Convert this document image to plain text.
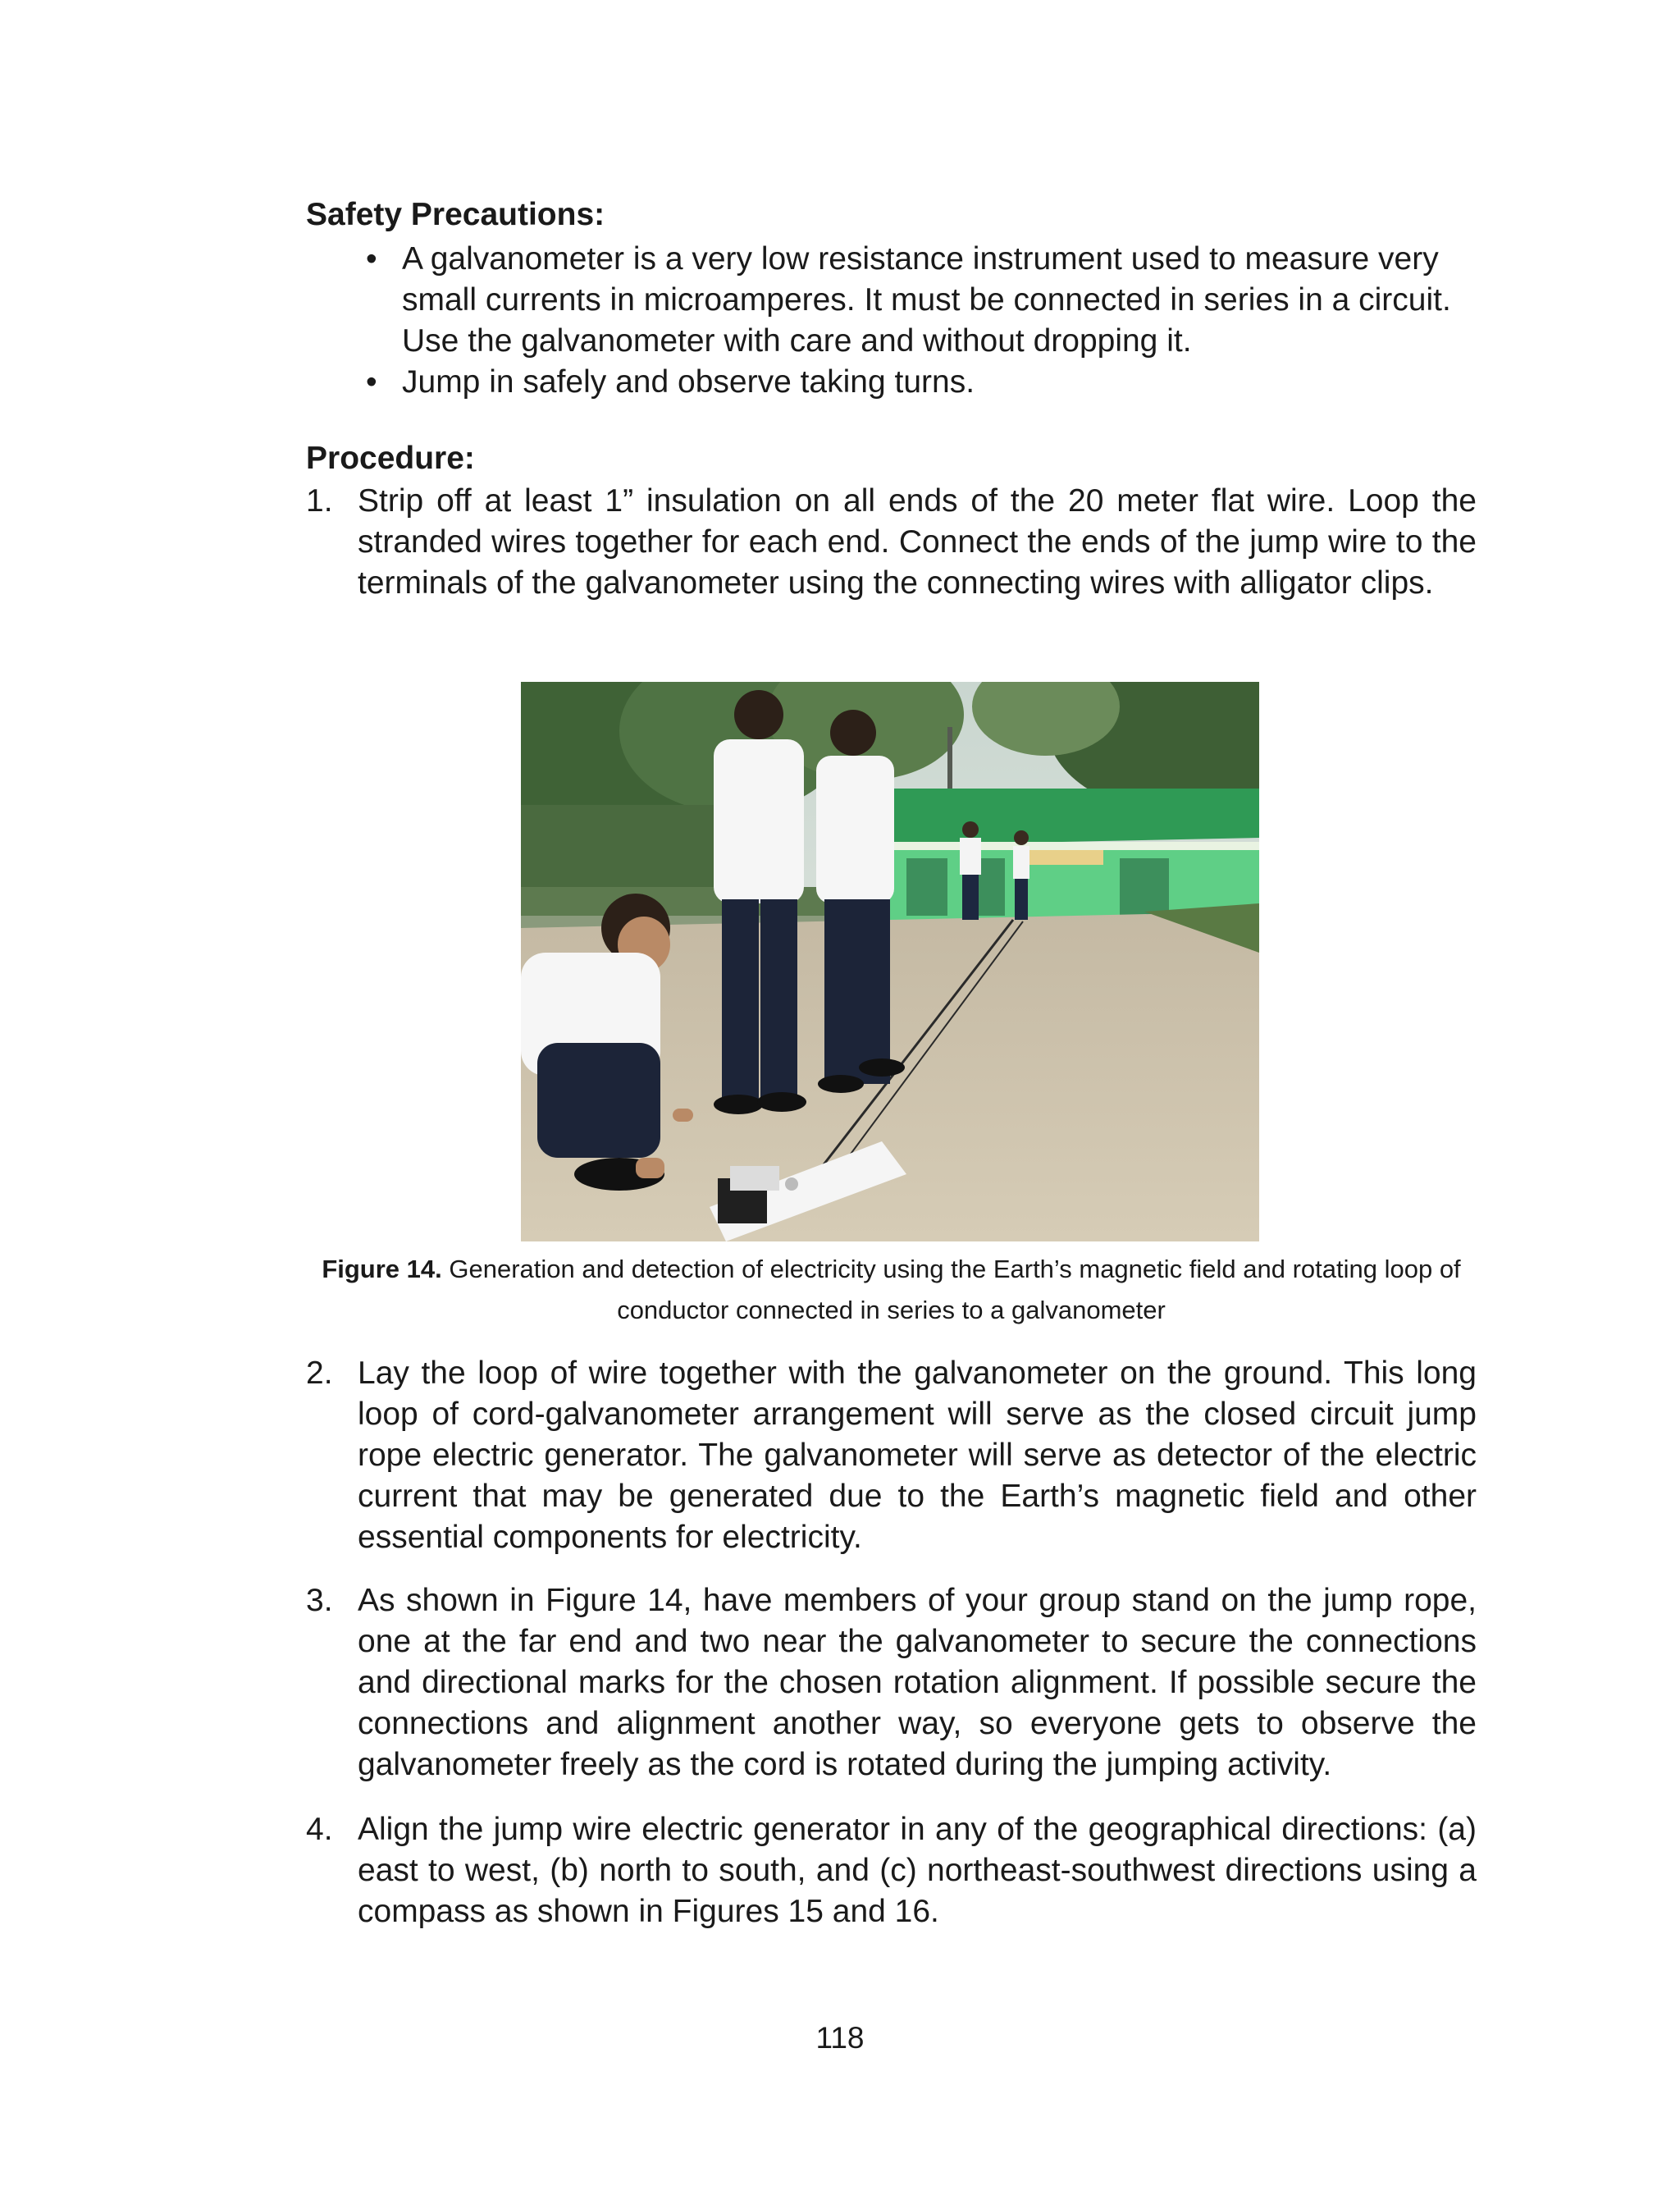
Safety Precautions:
• A galvanometer is a very low resistance instrument used to measure very small currents in microamperes. It must be connected in series in a circuit. Use the galvanometer with care and without dropping it.
• Jump in safely and observe taking turns.
Procedure:

1. Strip off at least 1” insulation on all ends of the 20 meter flat wire. Loop the stranded wires together for each end. Connect the ends of the jump wire to the terminals of the galvanometer using the connecting wires with alligator clips.

Figure 14. Generation and detection of electricity using the Earth’s magnetic field and rotating loop of conductor connected in series to a galvanometer

2. Lay the loop of wire together with the galvanometer on the ground. This long loop of cord-galvanometer arrangement will serve as the closed circuit jump rope electric generator. The galvanometer will serve as detector of the electric current that may be generated due to the Earth’s magnetic field and other essential components for electricity.

3. As shown in Figure 14, have members of your group stand on the jump rope, one at the far end and two near the galvanometer to secure the connections and directional marks for the chosen rotation alignment. If possible secure the connections and alignment another way, so everyone gets to observe the galvanometer freely as the cord is rotated during the jumping activity.

4. Align the jump wire electric generator in any of the geographical directions: (a) east to west, (b) north to south, and (c) northeast-southwest directions using a compass as shown in Figures 15 and 16.

118
